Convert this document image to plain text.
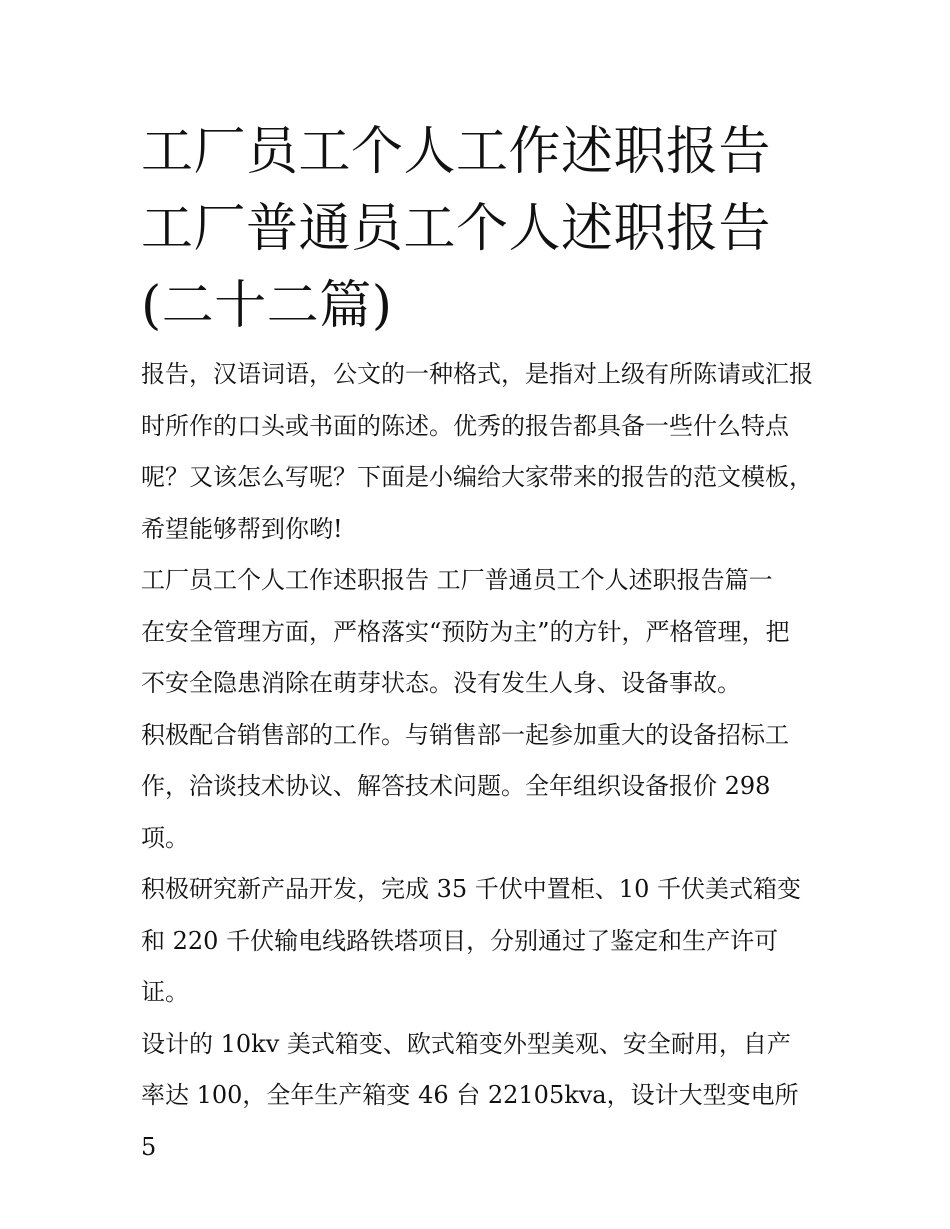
工厂员工个人工作述职报告 工厂普通员工个人述职报告(二十二篇)

报告，汉语词语，公文的一种格式，是指对上级有所陈请或汇报时所作的口头或书面的陈述。优秀的报告都具备一些什么特点呢？又该怎么写呢？下面是小编给大家带来的报告的范文模板，希望能够帮到你哟!

工厂员工个人工作述职报告 工厂普通员工个人述职报告篇一

在安全管理方面，严格落实“预防为主”的方针，严格管理，把不安全隐患消除在萌芽状态。没有发生人身、设备事故。

积极配合销售部的工作。与销售部一起参加重大的设备招标工作，洽谈技术协议、解答技术问题。全年组织设备报价 298 项。

积极研究新产品开发，完成 35 千伏中置柜、10 千伏美式箱变和 220 千伏输电线路铁塔项目，分别通过了鉴定和生产许可证。

设计的 10kv 美式箱变、欧式箱变外型美观、安全耐用，自产率达 100，全年生产箱变 46 台 22105kva，设计大型变电所 5
